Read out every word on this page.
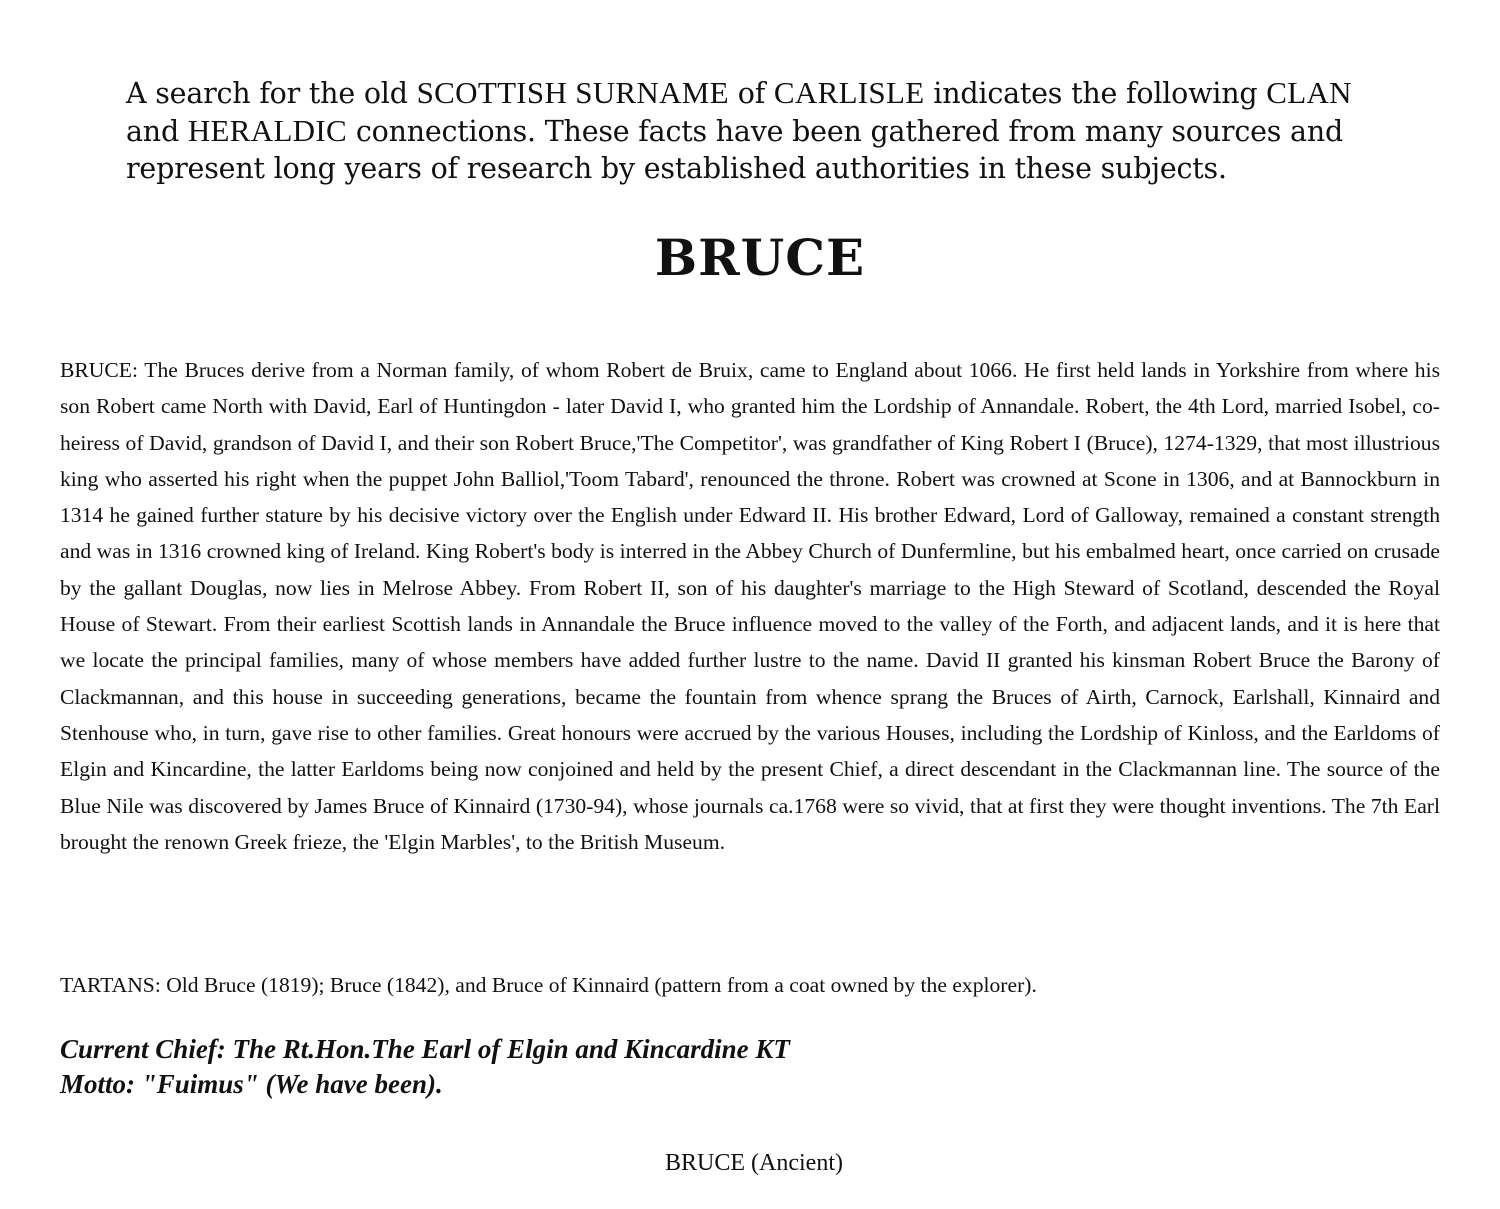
A search for the old SCOTTISH SURNAME of CARLISLE indicates the following CLAN and HERALDIC connections. These facts have been gathered from many sources and represent long years of research by established authorities in these subjects.

BRUCE

BRUCE: The Bruces derive from a Norman family, of whom Robert de Bruix, came to England about 1066. He first held lands in Yorkshire from where his son Robert came North with David, Earl of Huntingdon - later David I, who granted him the Lordship of Annandale. Robert, the 4th Lord, married Isobel, co-heiress of David, grandson of David I, and their son Robert Bruce,'The Competitor', was grandfather of King Robert I (Bruce), 1274-1329, that most illustrious king who asserted his right when the puppet John Balliol,'Toom Tabard', renounced the throne. Robert was crowned at Scone in 1306, and at Bannockburn in 1314 he gained further stature by his decisive victory over the English under Edward II. His brother Edward, Lord of Galloway, remained a constant strength and was in 1316 crowned king of Ireland. King Robert's body is interred in the Abbey Church of Dunfermline, but his embalmed heart, once carried on crusade by the gallant Douglas, now lies in Melrose Abbey. From Robert II, son of his daughter's marriage to the High Steward of Scotland, descended the Royal House of Stewart. From their earliest Scottish lands in Annandale the Bruce influence moved to the valley of the Forth, and adjacent lands, and it is here that we locate the principal families, many of whose members have added further lustre to the name. David II granted his kinsman Robert Bruce the Barony of Clackmannan, and this house in succeeding generations, became the fountain from whence sprang the Bruces of Airth, Carnock, Earlshall, Kinnaird and Stenhouse who, in turn, gave rise to other families. Great honours were accrued by the various Houses, including the Lordship of Kinloss, and the Earldoms of Elgin and Kincardine, the latter Earldoms being now conjoined and held by the present Chief, a direct descendant in the Clackmannan line. The source of the Blue Nile was discovered by James Bruce of Kinnaird (1730-94), whose journals ca.1768 were so vivid, that at first they were thought inventions. The 7th Earl brought the renown Greek frieze, the 'Elgin Marbles', to the British Museum.

TARTANS: Old Bruce (1819); Bruce (1842), and Bruce of Kinnaird (pattern from a coat owned by the explorer).

Current Chief: The Rt.Hon.The Earl of Elgin and Kincardine KT
Motto: "Fuimus" (We have been).
BRUCE (Ancient)
